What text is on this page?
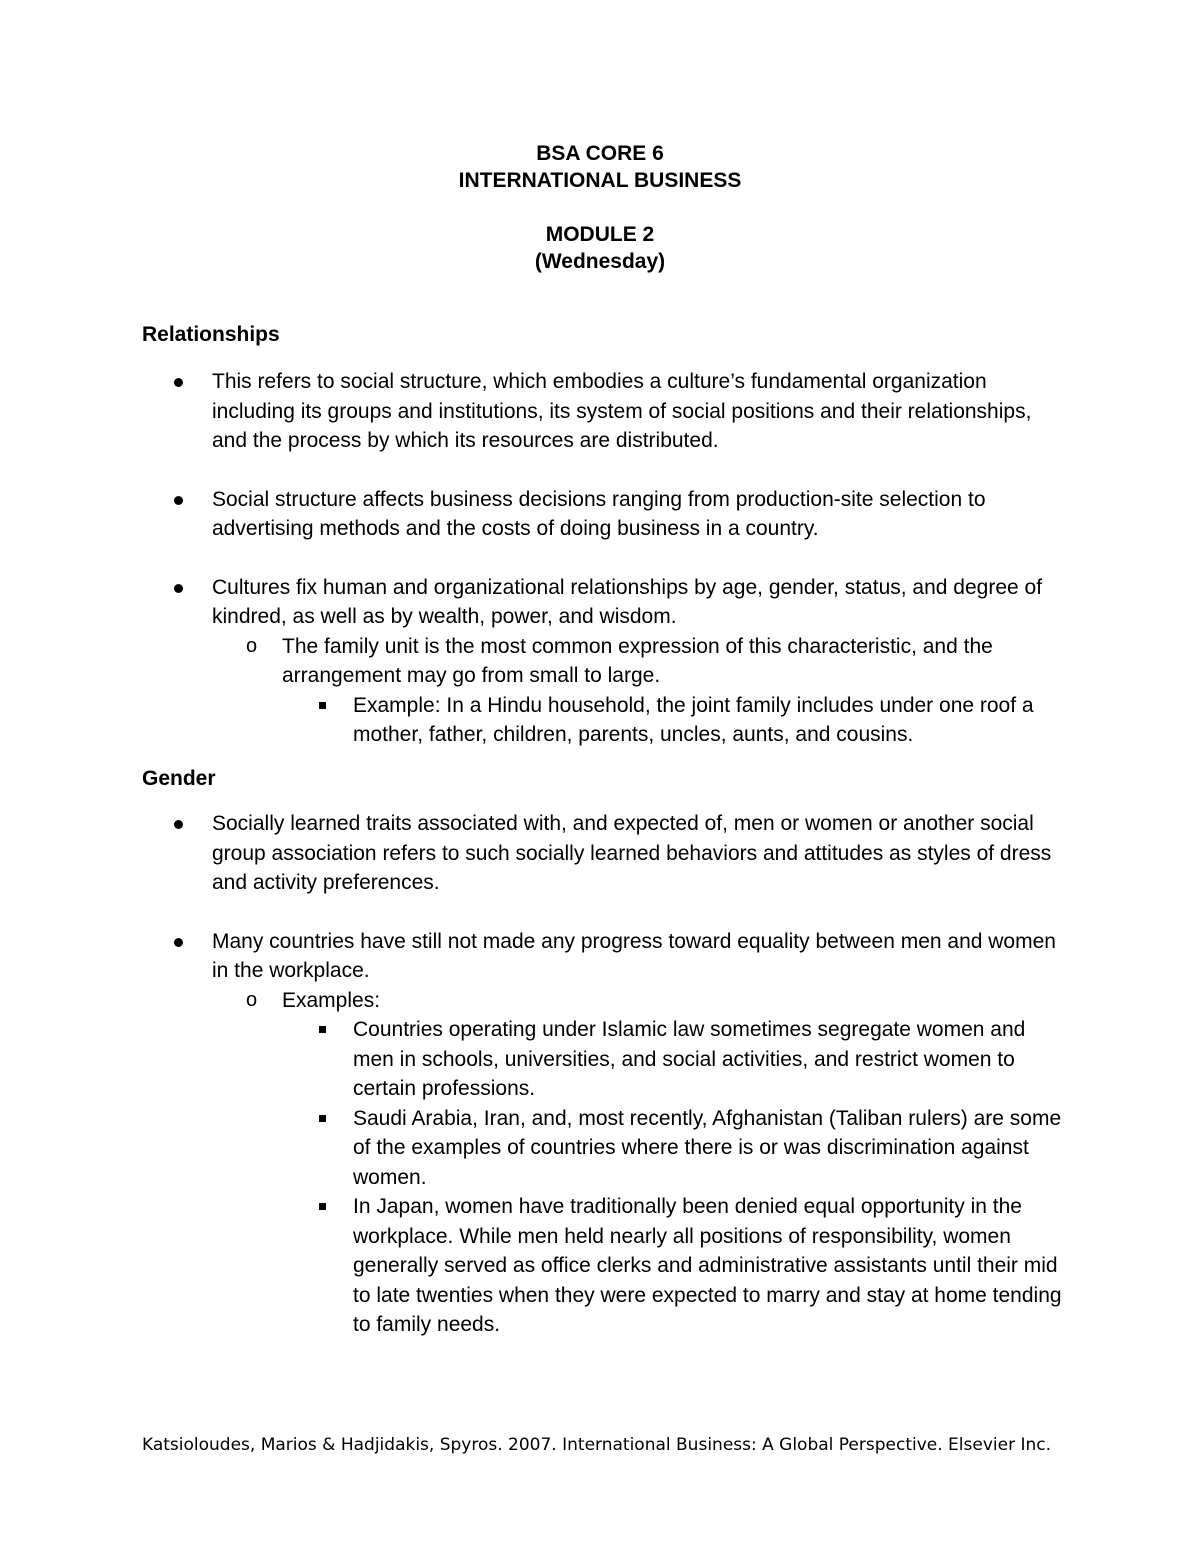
BSA CORE 6
INTERNATIONAL BUSINESS
MODULE 2
(Wednesday)
Relationships
This refers to social structure, which embodies a culture’s fundamental organization including its groups and institutions, its system of social positions and their relationships, and the process by which its resources are distributed.
Social structure affects business decisions ranging from production-site selection to advertising methods and the costs of doing business in a country.
Cultures fix human and organizational relationships by age, gender, status, and degree of kindred, as well as by wealth, power, and wisdom.
o The family unit is the most common expression of this characteristic, and the arrangement may go from small to large.
Example: In a Hindu household, the joint family includes under one roof a mother, father, children, parents, uncles, aunts, and cousins.
Gender
Socially learned traits associated with, and expected of, men or women or another social group association refers to such socially learned behaviors and attitudes as styles of dress and activity preferences.
Many countries have still not made any progress toward equality between men and women in the workplace.
o Examples:
Countries operating under Islamic law sometimes segregate women and men in schools, universities, and social activities, and restrict women to certain professions.
Saudi Arabia, Iran, and, most recently, Afghanistan (Taliban rulers) are some of the examples of countries where there is or was discrimination against women.
In Japan, women have traditionally been denied equal opportunity in the workplace. While men held nearly all positions of responsibility, women generally served as office clerks and administrative assistants until their mid to late twenties when they were expected to marry and stay at home tending to family needs.
Katsioloudes, Marios & Hadjidakis, Spyros. 2007. International Business: A Global Perspective. Elsevier Inc.
